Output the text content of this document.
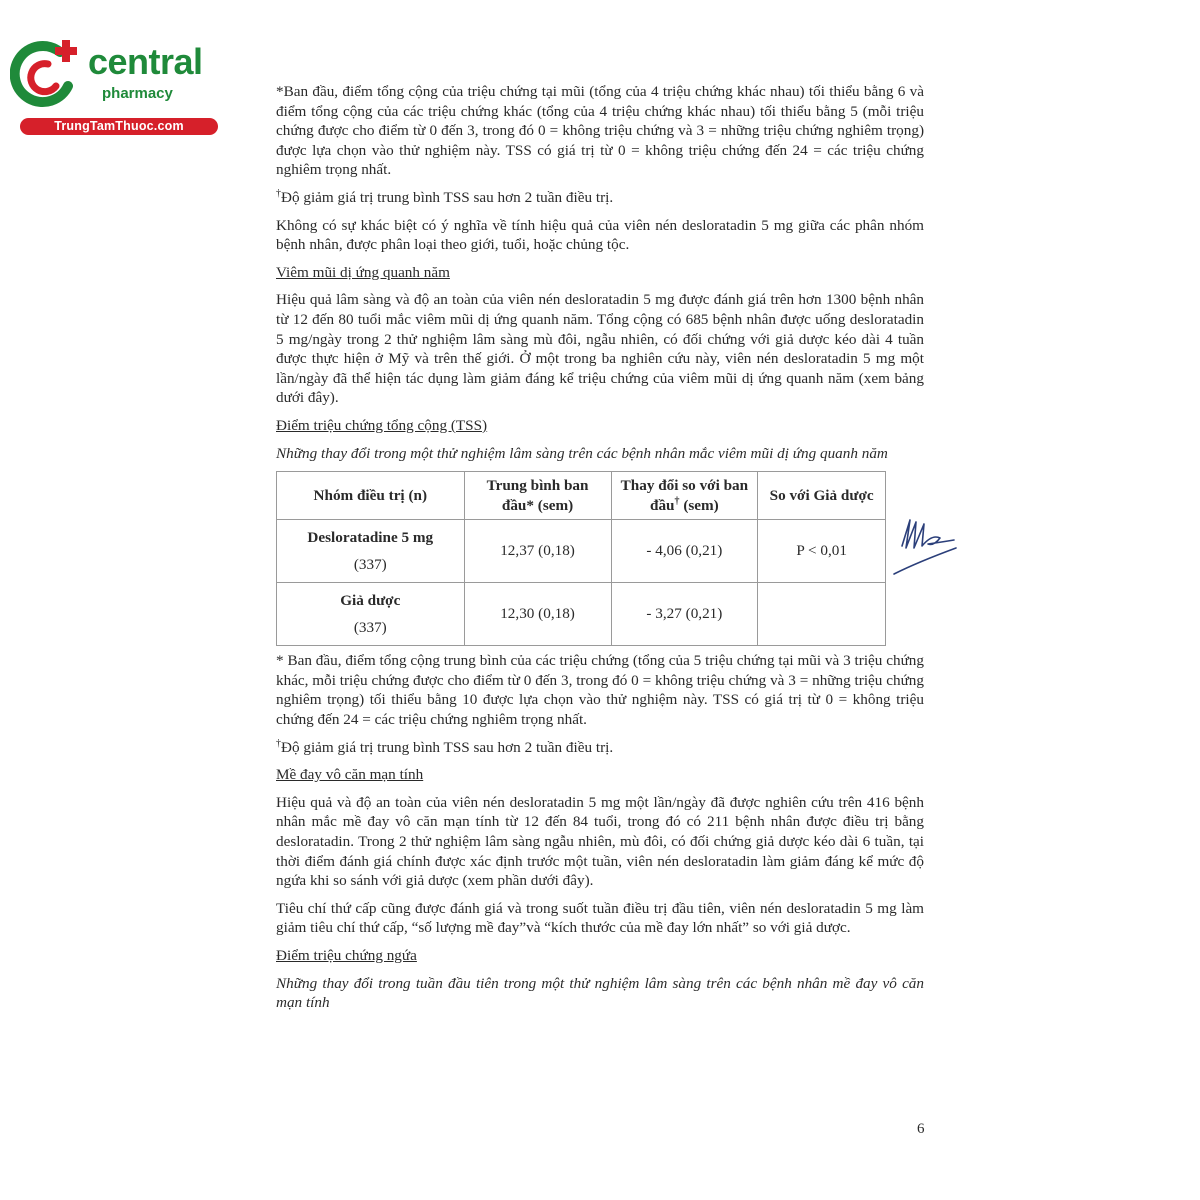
central
pharmacy
TrungTamThuoc.com

*Ban đầu, điểm tổng cộng của triệu chứng tại mũi (tổng của 4 triệu chứng khác nhau) tối thiểu bằng 6 và điểm tổng cộng của các triệu chứng khác (tổng của 4 triệu chứng khác nhau) tối thiểu bằng 5 (mỗi triệu chứng được cho điểm từ 0 đến 3, trong đó 0 = không triệu chứng và 3 = những triệu chứng nghiêm trọng) được lựa chọn vào thử nghiệm này. TSS có giá trị từ 0 = không triệu chứng đến 24 = các triệu chứng nghiêm trọng nhất.

†Độ giảm giá trị trung bình TSS sau hơn 2 tuần điều trị.

Không có sự khác biệt có ý nghĩa về tính hiệu quả của viên nén desloratadin 5 mg giữa các phân nhóm bệnh nhân, được phân loại theo giới, tuổi, hoặc chủng tộc.

Viêm mũi dị ứng quanh năm

Hiệu quả lâm sàng và độ an toàn của viên nén desloratadin 5 mg được đánh giá trên hơn 1300 bệnh nhân từ 12 đến 80 tuổi mắc viêm mũi dị ứng quanh năm. Tổng cộng có 685 bệnh nhân được uống desloratadin 5 mg/ngày trong 2 thử nghiệm lâm sàng mù đôi, ngẫu nhiên, có đối chứng với giả dược kéo dài 4 tuần được thực hiện ở Mỹ và trên thế giới. Ở một trong ba nghiên cứu này, viên nén desloratadin 5 mg một lần/ngày đã thể hiện tác dụng làm giảm đáng kể triệu chứng của viêm mũi dị ứng quanh năm (xem bảng dưới đây).

Điểm triệu chứng tổng cộng (TSS)

Những thay đổi trong một thử nghiệm lâm sàng trên các bệnh nhân mắc viêm mũi dị ứng quanh năm

Nhóm điều trị (n)	Trung bình ban đầu* (sem)	Thay đổi so với ban đầu† (sem)	So với Giả dược

Desloratadine 5 mg
(337)	12,37 (0,18)	- 4,06 (0,21)	P < 0,01

Giả dược
(337)	12,30 (0,18)	- 3,27 (0,21)	

* Ban đầu, điểm tổng cộng trung bình của các triệu chứng (tổng của 5 triệu chứng tại mũi và 3 triệu chứng khác, mỗi triệu chứng được cho điểm từ 0 đến 3, trong đó 0 = không triệu chứng và 3 = những triệu chứng nghiêm trọng) tối thiểu bằng 10 được lựa chọn vào thử nghiệm này. TSS có giá trị từ 0 = không triệu chứng đến 24 = các triệu chứng nghiêm trọng nhất.

†Độ giảm giá trị trung bình TSS sau hơn 2 tuần điều trị.

Mề đay vô căn mạn tính

Hiệu quả và độ an toàn của viên nén desloratadin 5 mg một lần/ngày đã được nghiên cứu trên 416 bệnh nhân mắc mề đay vô căn mạn tính từ 12 đến 84 tuổi, trong đó có 211 bệnh nhân được điều trị bằng desloratadin. Trong 2 thử nghiệm lâm sàng ngẫu nhiên, mù đôi, có đối chứng giả dược kéo dài 6 tuần, tại thời điểm đánh giá chính được xác định trước một tuần, viên nén desloratadin làm giảm đáng kể mức độ ngứa khi so sánh với giả dược (xem phần dưới đây).

Tiêu chí thứ cấp cũng được đánh giá và trong suốt tuần điều trị đầu tiên, viên nén desloratadin 5 mg làm giảm tiêu chí thứ cấp, “số lượng mề đay”và “kích thước của mề đay lớn nhất” so với giả dược.

Điểm triệu chứng ngứa

Những thay đổi trong tuần đầu tiên trong một thử nghiệm lâm sàng trên các bệnh nhân mề đay vô căn mạn tính

6
